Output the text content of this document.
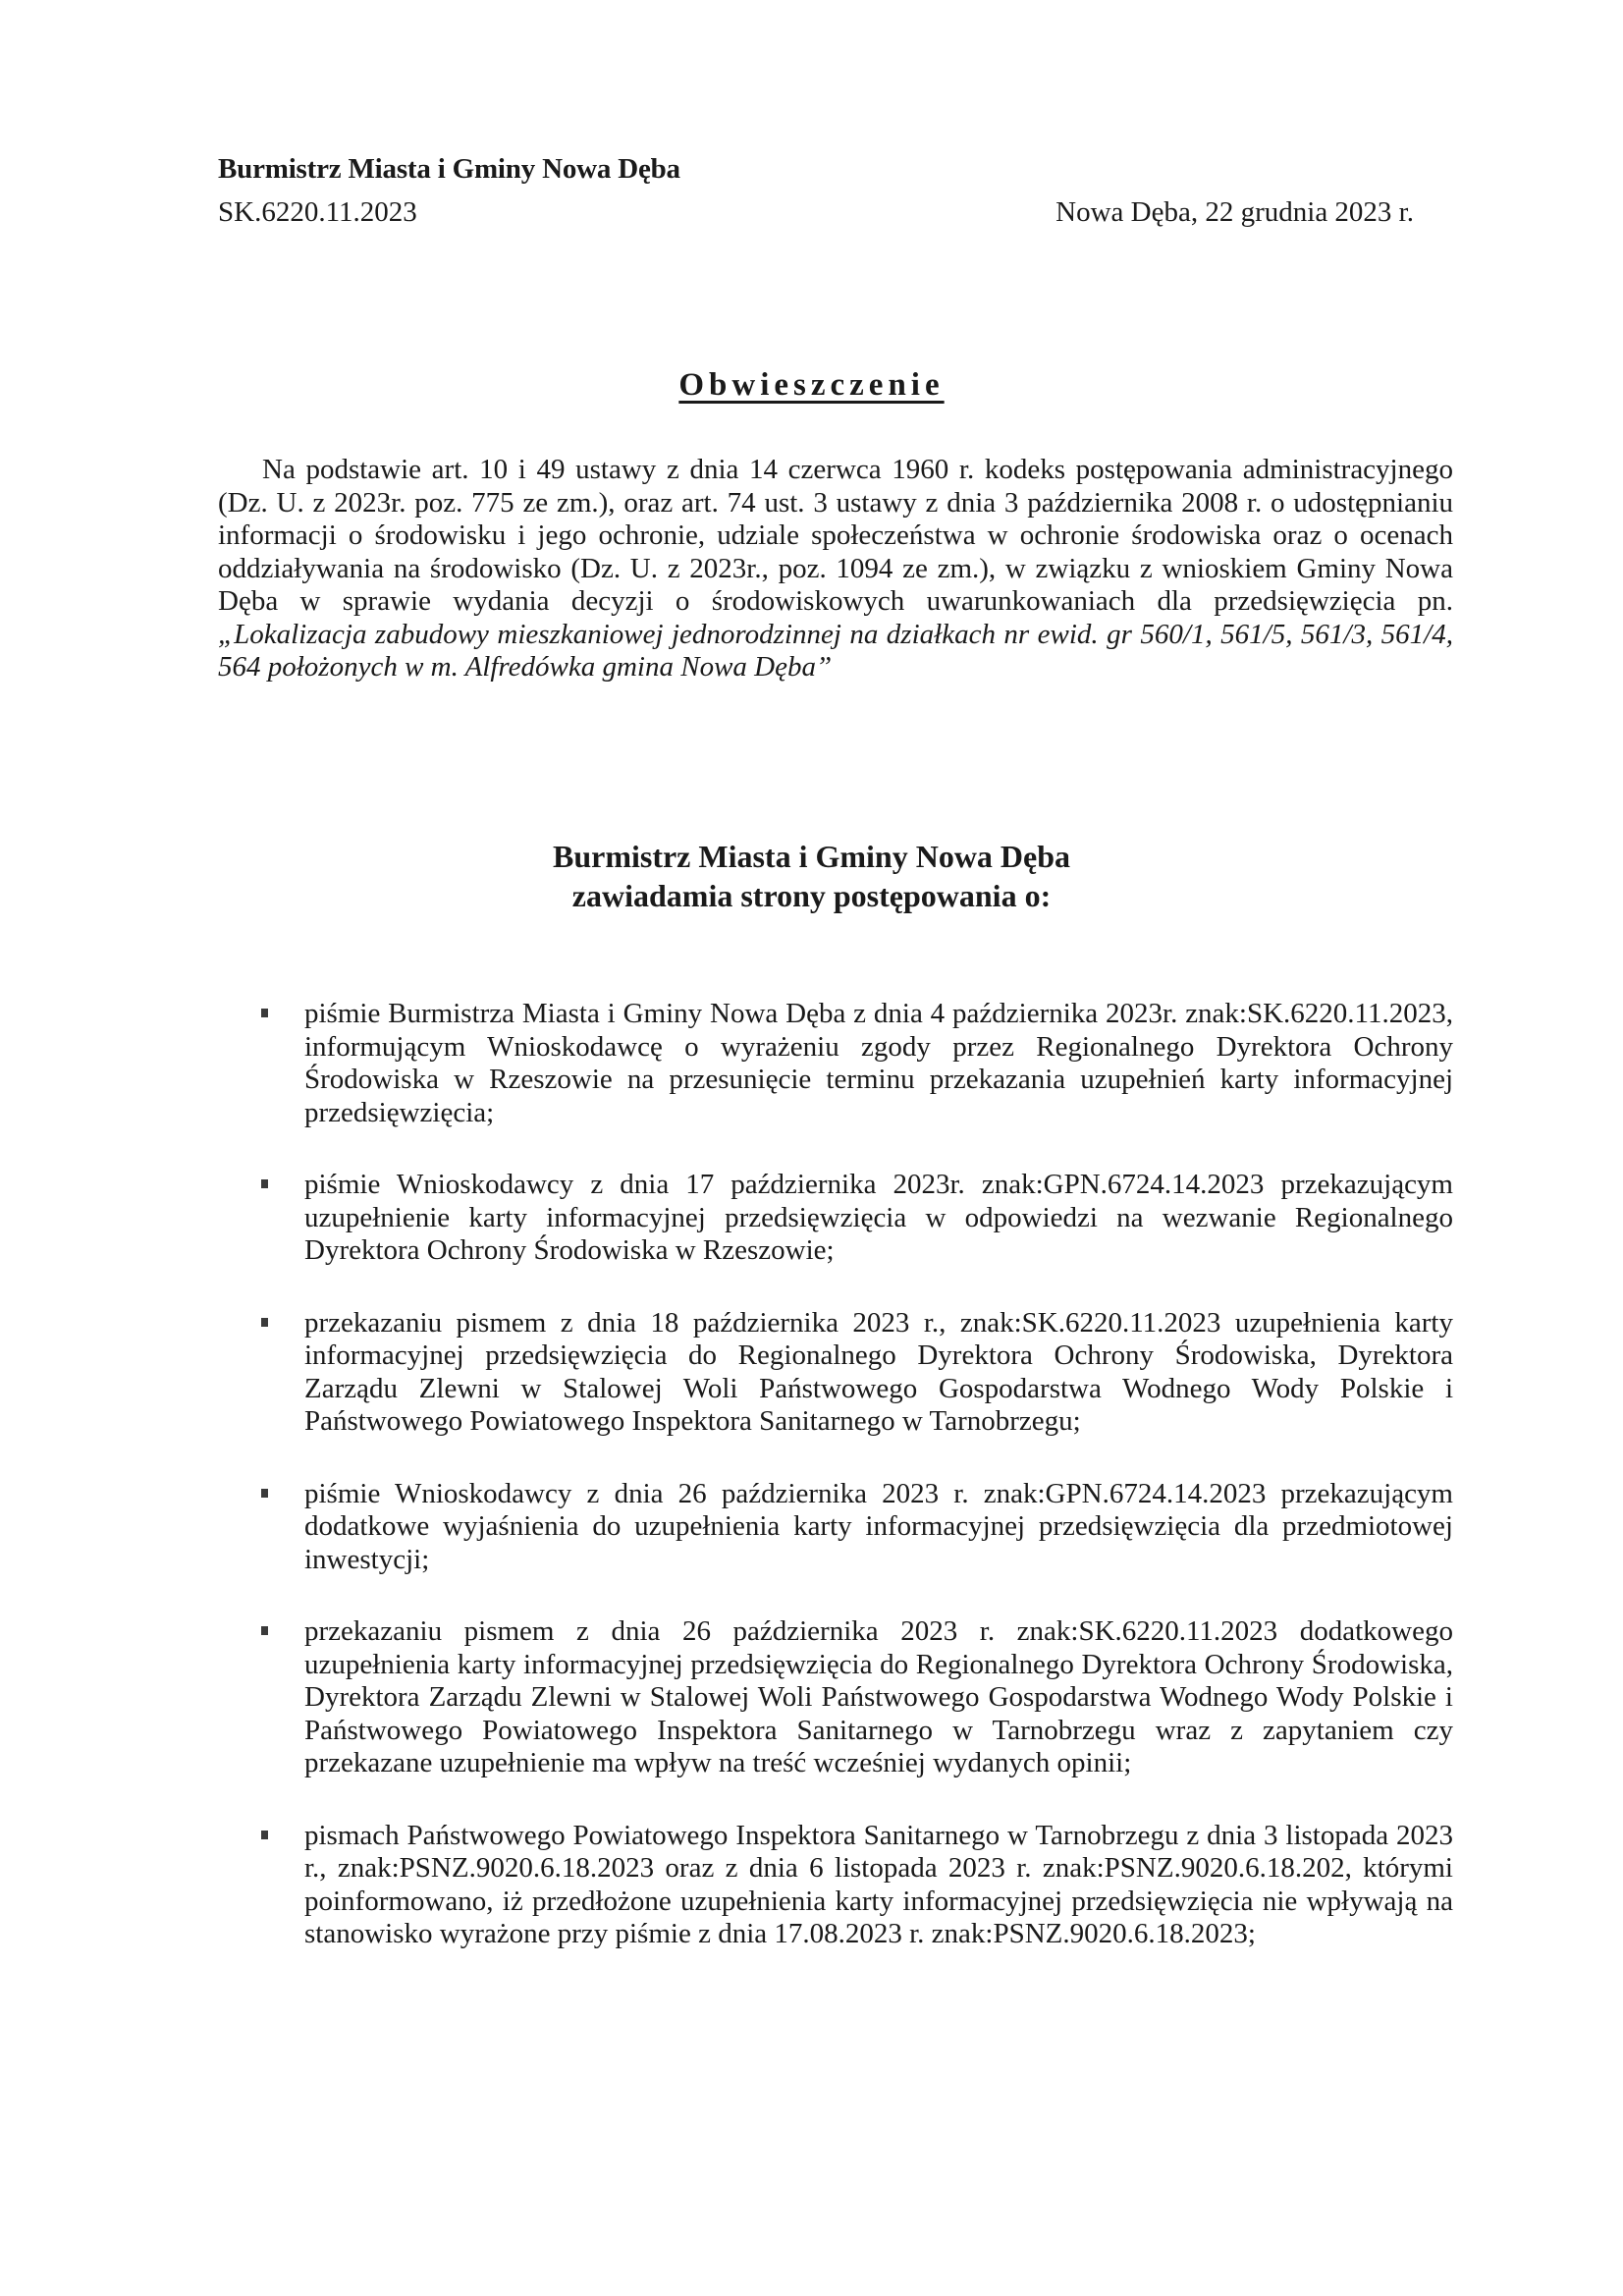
Burmistrz Miasta i Gminy Nowa Dęba
SK.6220.11.2023	Nowa Dęba, 22 grudnia 2023 r.
Obwieszczenie
Na podstawie art. 10 i 49 ustawy z dnia 14 czerwca 1960 r. kodeks postępowania administracyjnego (Dz. U. z 2023r. poz. 775 ze zm.), oraz art. 74 ust. 3 ustawy z dnia 3 października 2008 r. o udostępnianiu informacji o środowisku i jego ochronie, udziale społeczeństwa w ochronie środowiska oraz o ocenach oddziaływania na środowisko (Dz. U. z 2023r., poz. 1094 ze zm.), w związku z wnioskiem Gminy Nowa Dęba w sprawie wydania decyzji o środowiskowych uwarunkowaniach dla przedsięwzięcia pn. „Lokalizacja zabudowy mieszkaniowej jednorodzinnej na działkach nr ewid. gr 560/1, 561/5, 561/3, 561/4, 564 położonych w m. Alfredówka gmina Nowa Dęba”
Burmistrz Miasta i Gminy Nowa Dęba
zawiadamia strony postępowania o:
piśmie Burmistrza Miasta i Gminy Nowa Dęba z dnia 4 października 2023r. znak:SK.6220.11.2023, informującym Wnioskodawcę o wyrażeniu zgody przez Regionalnego Dyrektora Ochrony Środowiska w Rzeszowie na przesunięcie terminu przekazania uzupełnień karty informacyjnej przedsięwzięcia;
piśmie Wnioskodawcy z dnia 17 października 2023r. znak:GPN.6724.14.2023 przekazującym uzupełnienie karty informacyjnej przedsięwzięcia w odpowiedzi na wezwanie Regionalnego Dyrektora Ochrony Środowiska w Rzeszowie;
przekazaniu pismem z dnia 18 października 2023 r., znak:SK.6220.11.2023 uzupełnienia karty informacyjnej przedsięwzięcia do Regionalnego Dyrektora Ochrony Środowiska, Dyrektora Zarządu Zlewni w Stalowej Woli Państwowego Gospodarstwa Wodnego Wody Polskie i Państwowego Powiatowego Inspektora Sanitarnego w Tarnobrzegu;
piśmie Wnioskodawcy z dnia 26 października 2023 r. znak:GPN.6724.14.2023 przekazującym dodatkowe wyjaśnienia do uzupełnienia karty informacyjnej przedsięwzięcia dla przedmiotowej inwestycji;
przekazaniu pismem z dnia 26 października 2023 r. znak:SK.6220.11.2023 dodatkowego uzupełnienia karty informacyjnej przedsięwzięcia do Regionalnego Dyrektora Ochrony Środowiska, Dyrektora Zarządu Zlewni w Stalowej Woli Państwowego Gospodarstwa Wodnego Wody Polskie i Państwowego Powiatowego Inspektora Sanitarnego w Tarnobrzegu wraz z zapytaniem czy przekazane uzupełnienie ma wpływ na treść wcześniej wydanych opinii;
pismach Państwowego Powiatowego Inspektora Sanitarnego w Tarnobrzegu z dnia 3 listopada 2023 r., znak:PSNZ.9020.6.18.2023 oraz z dnia 6 listopada 2023 r. znak:PSNZ.9020.6.18.202, którymi poinformowano, iż przedłożone uzupełnienia karty informacyjnej przedsięwzięcia nie wpływają na stanowisko wyrażone przy piśmie z dnia 17.08.2023 r. znak:PSNZ.9020.6.18.2023;
